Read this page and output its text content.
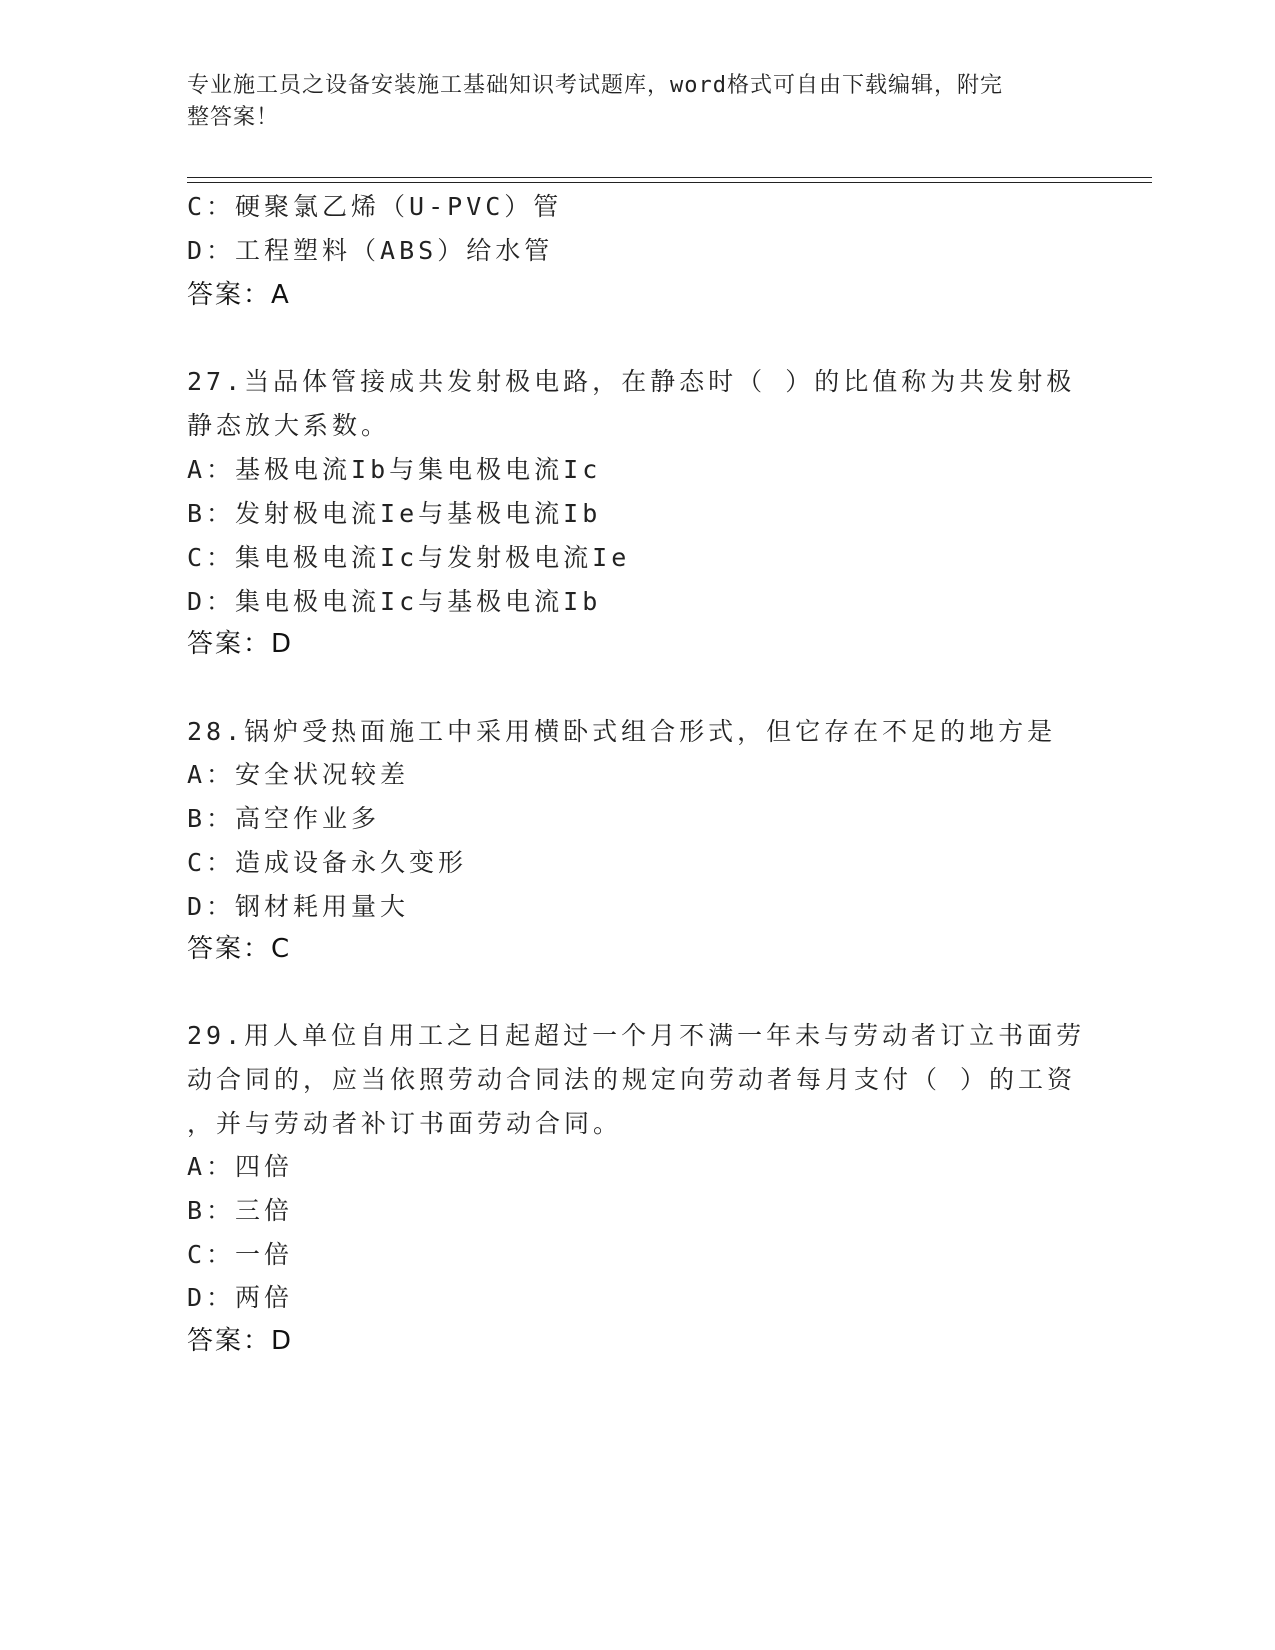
专业施工员之设备安装施工基础知识考试题库，word格式可自由下载编辑，附完
整答案！
C：硬聚氯乙烯（U-PVC）管
D：工程塑料（ABS）给水管
答案：A
27.当品体管接成共发射极电路，在静态时（ ）的比值称为共发射极
静态放大系数。
A：基极电流Ib与集电极电流Ic
B：发射极电流Ie与基极电流Ib
C：集电极电流Ic与发射极电流Ie
D：集电极电流Ic与基极电流Ib
答案：D
28.锅炉受热面施工中采用横卧式组合形式，但它存在不足的地方是
A：安全状况较差
B：高空作业多
C：造成设备永久变形
D：钢材耗用量大
答案：C
29.用人单位自用工之日起超过一个月不满一年未与劳动者订立书面劳
动合同的，应当依照劳动合同法的规定向劳动者每月支付（ ）的工资
，并与劳动者补订书面劳动合同。
A：四倍
B：三倍
C：一倍
D：两倍
答案：D
